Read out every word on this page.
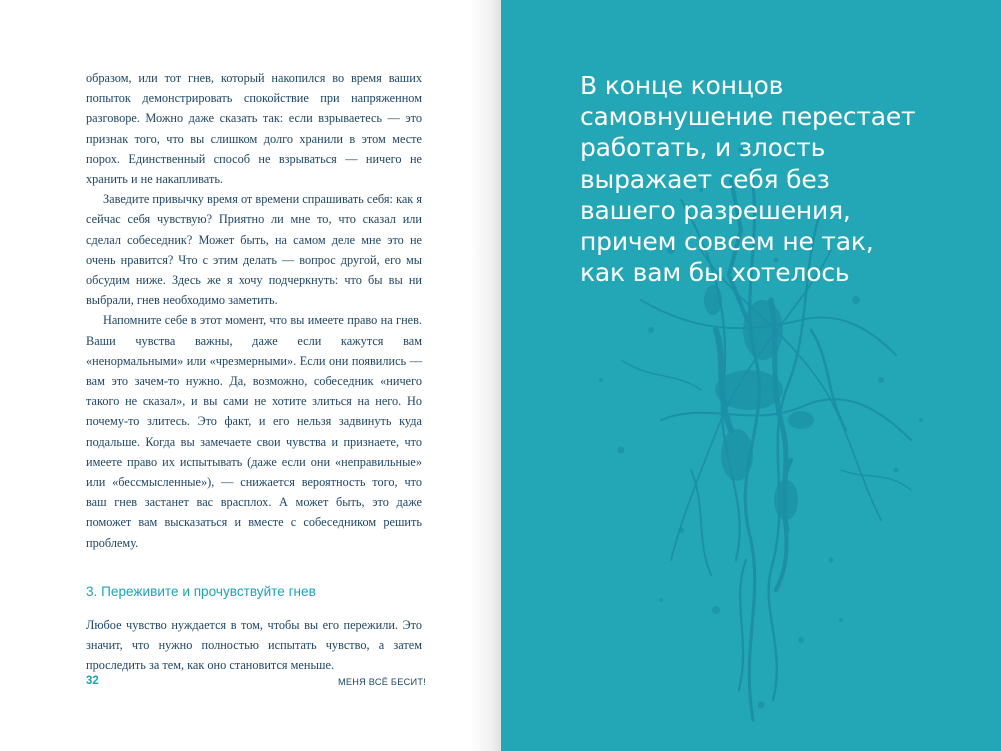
образом, или тот гнев, который накопился во время ваших попыток демонстрировать спокойствие при напряженном разговоре. Можно даже сказать так: если взрываетесь — это признак того, что вы слишком долго хранили в этом месте порох. Единственный способ не взрываться — ничего не хранить и не накапливать.

Заведите привычку время от времени спрашивать себя: как я сейчас себя чувствую? Приятно ли мне то, что сказал или сделал собеседник? Может быть, на самом деле мне это не очень нравится? Что с этим делать — вопрос другой, его мы обсудим ниже. Здесь же я хочу подчеркнуть: что бы вы ни выбрали, гнев необходимо заметить.

Напомните себе в этот момент, что вы имеете право на гнев. Ваши чувства важны, даже если кажутся вам «ненормальными» или «чрезмерными». Если они появились — вам это зачем-то нужно. Да, возможно, собеседник «ничего такого не сказал», и вы сами не хотите злиться на него. Но почему-то злитесь. Это факт, и его нельзя задвинуть куда подальше. Когда вы замечаете свои чувства и признаете, что имеете право их испытывать (даже если они «неправильные» или «бессмысленные»), — снижается вероятность того, что ваш гнев застанет вас врасплох. А может быть, это даже поможет вам высказаться и вместе с собеседником решить проблему.

3. Переживите и прочувствуйте гнев

Любое чувство нуждается в том, чтобы вы его пережили. Это значит, что нужно полностью испытать чувство, а затем проследить за тем, как оно становится меньше.

32	МЕНЯ ВСЁ БЕСИТ!

В конце концов
самовнушение перестает
работать, и злость
выражает себя без
вашего разрешения,
причем совсем не так,
как вам бы хотелось
